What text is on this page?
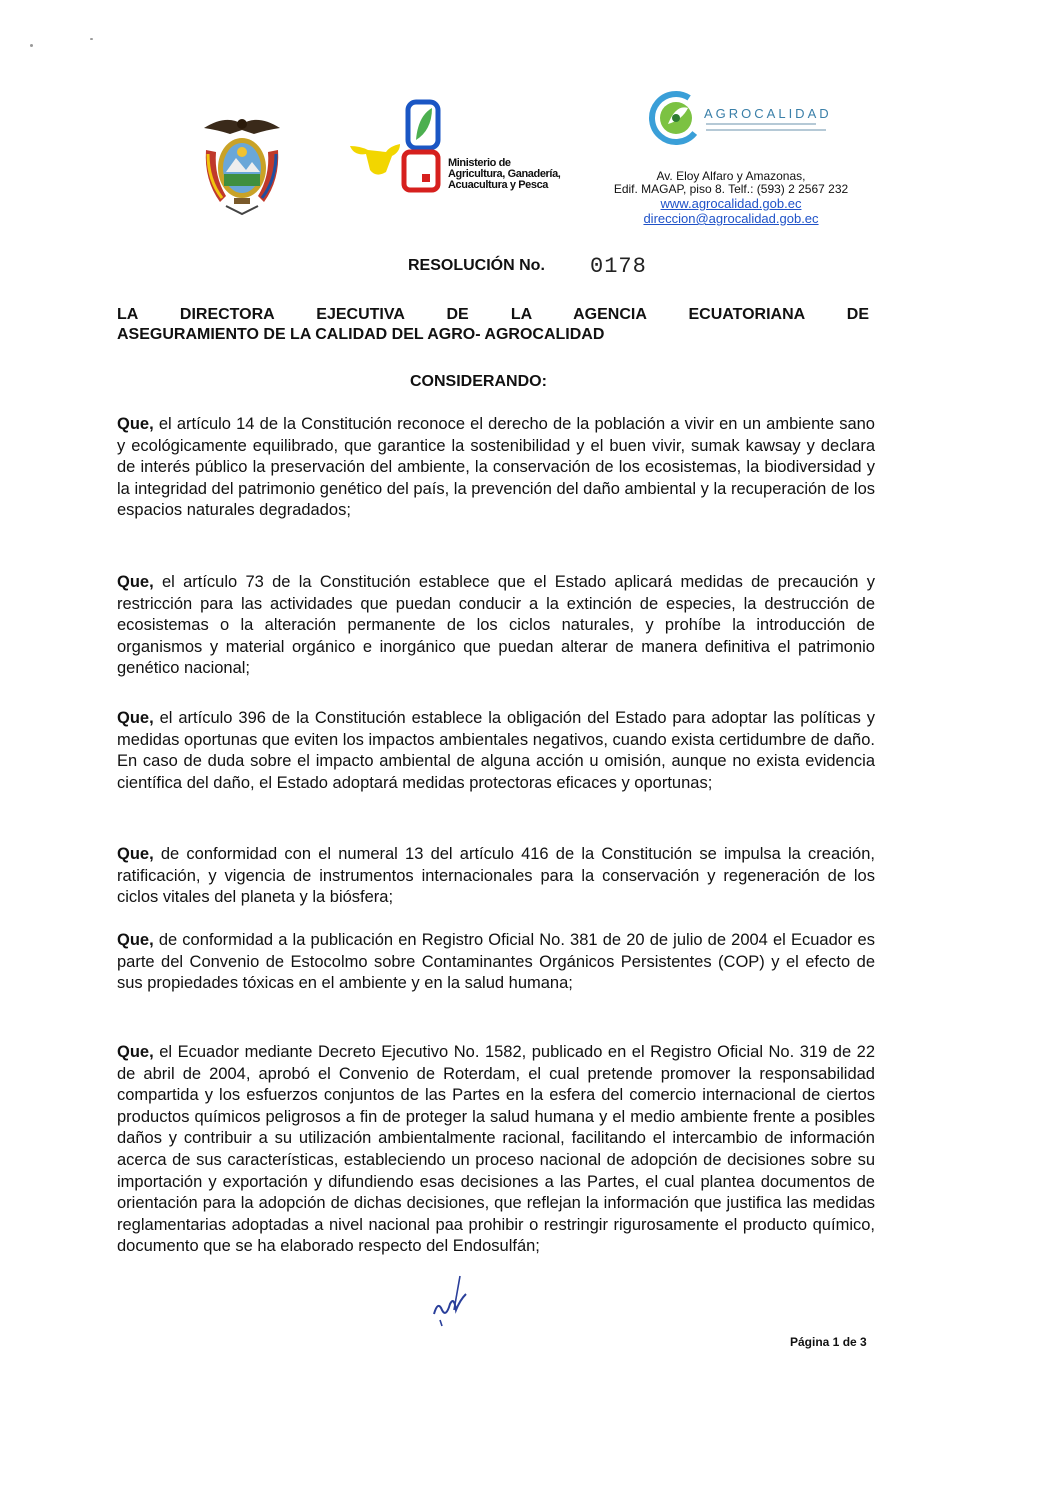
Ministerio de
Agricultura, Ganadería,
Acuacultura y Pesca
AGROCALIDAD
Av. Eloy Alfaro y Amazonas,
Edif. MAGAP, piso 8. Telf.: (593) 2 2567 232
www.agrocalidad.gob.ec
direccion@agrocalidad.gob.ec
RESOLUCIÓN No. 0178
LA DIRECTORA EJECUTIVA DE LA AGENCIA ECUATORIANA DE
ASEGURAMIENTO DE LA CALIDAD DEL AGRO- AGROCALIDAD
CONSIDERANDO:
Que, el artículo 14 de la Constitución reconoce el derecho de la población a vivir en un ambiente sano y ecológicamente equilibrado, que garantice la sostenibilidad y el buen vivir, sumak kawsay y declara de interés público la preservación del ambiente, la conservación de los ecosistemas, la biodiversidad y la integridad del patrimonio genético del país, la prevención del daño ambiental y la recuperación de los espacios naturales degradados;
Que, el artículo 73 de la Constitución establece que el Estado aplicará medidas de precaución y restricción para las actividades que puedan conducir a la extinción de especies, la destrucción de ecosistemas o la alteración permanente de los ciclos naturales, y prohíbe la introducción de organismos y material orgánico e inorgánico que puedan alterar de manera definitiva el patrimonio genético nacional;
Que, el artículo 396 de la Constitución establece la obligación del Estado para adoptar las políticas y medidas oportunas que eviten los impactos ambientales negativos, cuando exista certidumbre de daño. En caso de duda sobre el impacto ambiental de alguna acción u omisión, aunque no exista evidencia científica del daño, el Estado adoptará medidas protectoras eficaces y oportunas;
Que, de conformidad con el numeral 13 del artículo 416 de la Constitución se impulsa la creación, ratificación, y vigencia de instrumentos internacionales para la conservación y regeneración de los ciclos vitales del planeta y la biósfera;
Que, de conformidad a la publicación en Registro Oficial No. 381 de 20 de julio de 2004 el Ecuador es parte del Convenio de Estocolmo sobre Contaminantes Orgánicos Persistentes (COP) y el efecto de sus propiedades tóxicas en el ambiente y en la salud humana;
Que, el Ecuador mediante Decreto Ejecutivo No. 1582, publicado en el Registro Oficial No. 319 de 22 de abril de 2004, aprobó el Convenio de Roterdam, el cual pretende promover la responsabilidad compartida y los esfuerzos conjuntos de las Partes en la esfera del comercio internacional de ciertos productos químicos peligrosos a fin de proteger la salud humana y el medio ambiente frente a posibles daños y contribuir a su utilización ambientalmente racional, facilitando el intercambio de información acerca de sus características, estableciendo un proceso nacional de adopción de decisiones sobre su importación y exportación y difundiendo esas decisiones a las Partes, el cual plantea documentos de orientación para la adopción de dichas decisiones, que reflejan la información que justifica las medidas reglamentarias adoptadas a nivel nacional paa prohibir o restringir rigurosamente el producto químico, documento que se ha elaborado respecto del Endosulfán;
Página 1 de 3
